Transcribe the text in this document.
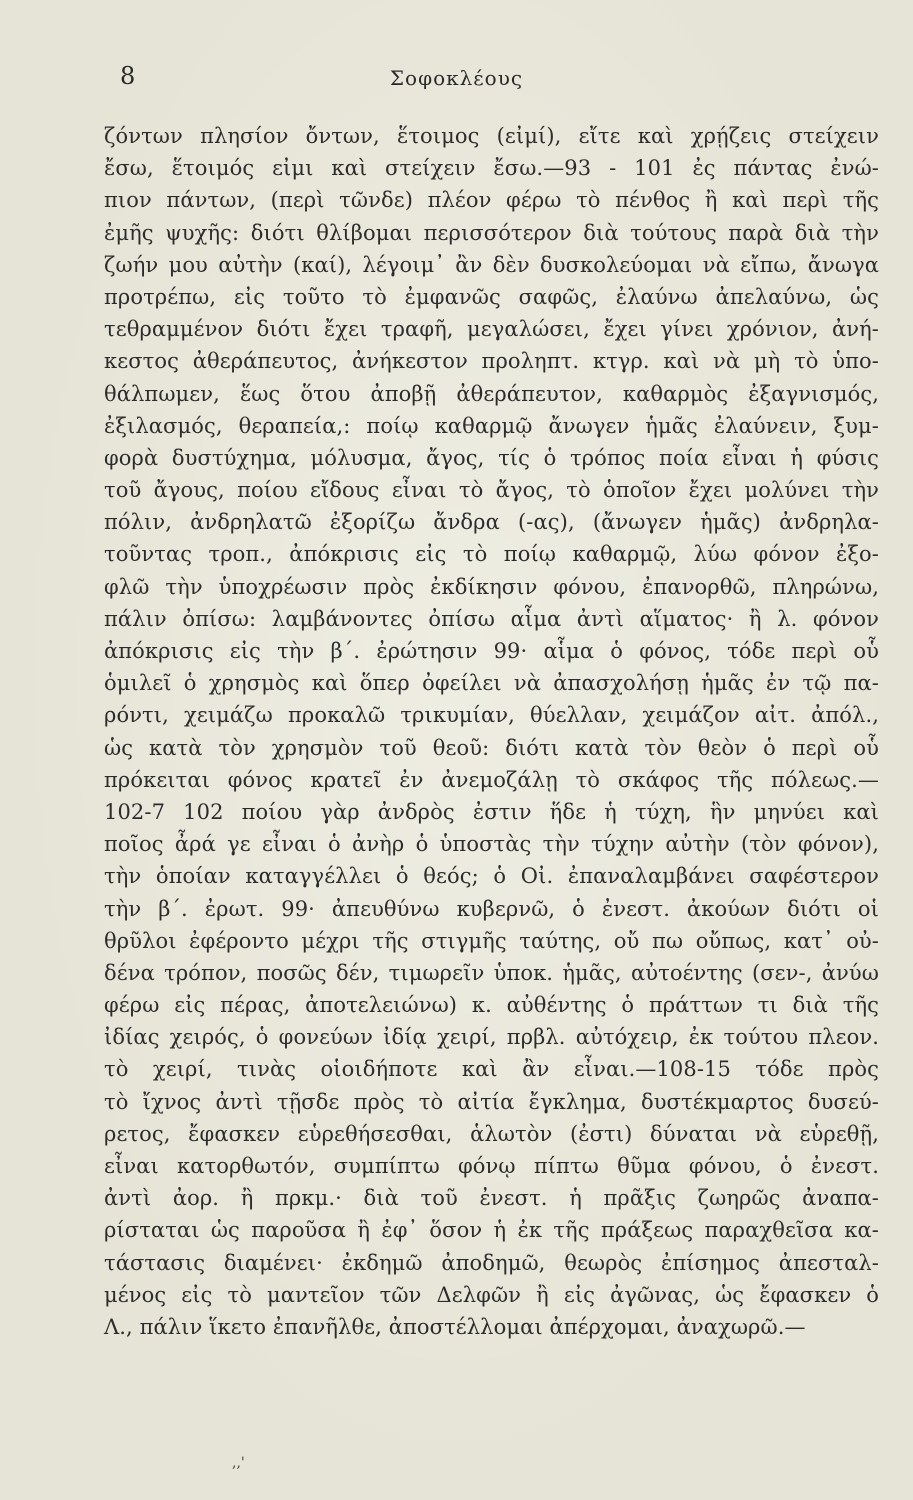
8	Σοφοκλέους
ζόντων πλησίον ὄντων, ἕτοιμος (εἰμί), εἴτε καὶ χρῄζεις στείχειν
ἔσω, ἕτοιμός εἰμι καὶ στείχειν ἔσω.—93 - 101 ἐς πάντας ἐνώ-
πιον πάντων, (περὶ τῶνδε) πλέον φέρω τὸ πένθος ἢ καὶ περὶ τῆς
ἐμῆς ψυχῆς: διότι θλίβομαι περισσότερον διὰ τούτους παρὰ διὰ τὴν
ζωήν μου αὐτὴν (καί), λέγοιμ᾽ ἂν δὲν δυσκολεύομαι νὰ εἴπω, ἄνωγα
προτρέπω, εἰς τοῦτο τὸ ἐμφανῶς σαφῶς, ἐλαύνω ἀπελαύνω, ὡς
τεθραμμένον διότι ἔχει τραφῆ, μεγαλώσει, ἔχει γίνει χρόνιον, ἀνή-
κεστος ἀθεράπευτος, ἀνήκεστον προληπτ. κτγρ. καὶ νὰ μὴ τὸ ὑπο-
θάλπωμεν, ἕως ὅτου ἀποβῇ ἀθεράπευτον, καθαρμὸς ἐξαγνισμός,
ἐξιλασμός, θεραπεία,: ποίῳ καθαρμῷ ἄνωγεν ἡμᾶς ἐλαύνειν, ξυμ-
φορὰ δυστύχημα, μόλυσμα, ἄγος, τίς ὁ τρόπος ποία εἶναι ἡ φύσις
τοῦ ἄγους, ποίου εἴδους εἶναι τὸ ἄγος, τὸ ὁποῖον ἔχει μολύνει τὴν
πόλιν, ἀνδρηλατῶ ἐξορίζω ἄνδρα (-ας), (ἄνωγεν ἡμᾶς) ἀνδρηλα-
τοῦντας τροπ., ἀπόκρισις εἰς τὸ ποίῳ καθαρμῷ, λύω φόνον ἐξο-
φλῶ τὴν ὑποχρέωσιν πρὸς ἐκδίκησιν φόνου, ἐπανορθῶ, πληρώνω,
πάλιν ὀπίσω: λαμβάνοντες ὀπίσω αἷμα ἀντὶ αἵματος· ἢ λ. φόνον
ἀπόκρισις εἰς τὴν β΄. ἐρώτησιν 99· αἷμα ὁ φόνος, τόδε περὶ οὗ
ὁμιλεῖ ὁ χρησμὸς καὶ ὅπερ ὀφείλει νὰ ἀπασχολήσῃ ἡμᾶς ἐν τῷ πα-
ρόντι, χειμάζω προκαλῶ τρικυμίαν, θύελλαν, χειμάζον αἰτ. ἀπόλ.,
ὡς κατὰ τὸν χρησμὸν τοῦ θεοῦ: διότι κατὰ τὸν θεὸν ὁ περὶ οὗ
πρόκειται φόνος κρατεῖ ἐν ἀνεμοζάλῃ τὸ σκάφος τῆς πόλεως.—
102-7 102 ποίου γὰρ ἀνδρὸς ἐστιν ἥδε ἡ τύχη, ἣν μηνύει καὶ
ποῖος ἆρά γε εἶναι ὁ ἀνὴρ ὁ ὑποστὰς τὴν τύχην αὐτὴν (τὸν φόνον),
τὴν ὁποίαν καταγγέλλει ὁ θεός; ὁ Οἰ. ἐπαναλαμβάνει σαφέστερον
τὴν β΄. ἐρωτ. 99· ἀπευθύνω κυβερνῶ, ὁ ἐνεστ. ἀκούων διότι οἱ
θρῦλοι ἐφέροντο μέχρι τῆς στιγμῆς ταύτης, οὔ πω οὔπως, κατ᾽ οὐ-
δένα τρόπον, ποσῶς δέν, τιμωρεῖν ὑποκ. ἡμᾶς, αὐτοέντης (σεν-, ἀνύω
φέρω εἰς πέρας, ἀποτελειώνω) κ. αὐθέντης ὁ πράττων τι διὰ τῆς
ἰδίας χειρός, ὁ φονεύων ἰδίᾳ χειρί, πρβλ. αὐτόχειρ, ἐκ τούτου πλεον.
τὸ χειρί, τινὰς οἱοιδήποτε καὶ ἂν εἶναι.—108-15 τόδε πρὸς
τὸ ἴχνος ἀντὶ τῇσδε πρὸς τὸ αἰτία ἔγκλημα, δυστέκμαρτος δυσεύ-
ρετος, ἔφασκεν εὑρεθήσεσθαι, ἁλωτὸν (ἐστι) δύναται νὰ εὑρεθῇ,
εἶναι κατορθωτόν, συμπίπτω φόνῳ πίπτω θῦμα φόνου, ὁ ἐνεστ.
ἀντὶ ἀορ. ἢ πρκμ.· διὰ τοῦ ἐνεστ. ἡ πρᾶξις ζωηρῶς ἀναπα-
ρίσταται ὡς παροῦσα ἢ ἐφ᾽ ὅσον ἡ ἐκ τῆς πράξεως παραχθεῖσα κα-
τάστασις διαμένει· ἐκδημῶ ἀποδημῶ, θεωρὸς ἐπίσημος ἀπεσταλ-
μένος εἰς τὸ μαντεῖον τῶν Δελφῶν ἢ εἰς ἀγῶνας, ὡς ἔφασκεν ὁ
Λ., πάλιν ἵκετο ἐπανῆλθε, ἀποστέλλομαι ἀπέρχομαι, ἀναχωρῶ.—
,,'
